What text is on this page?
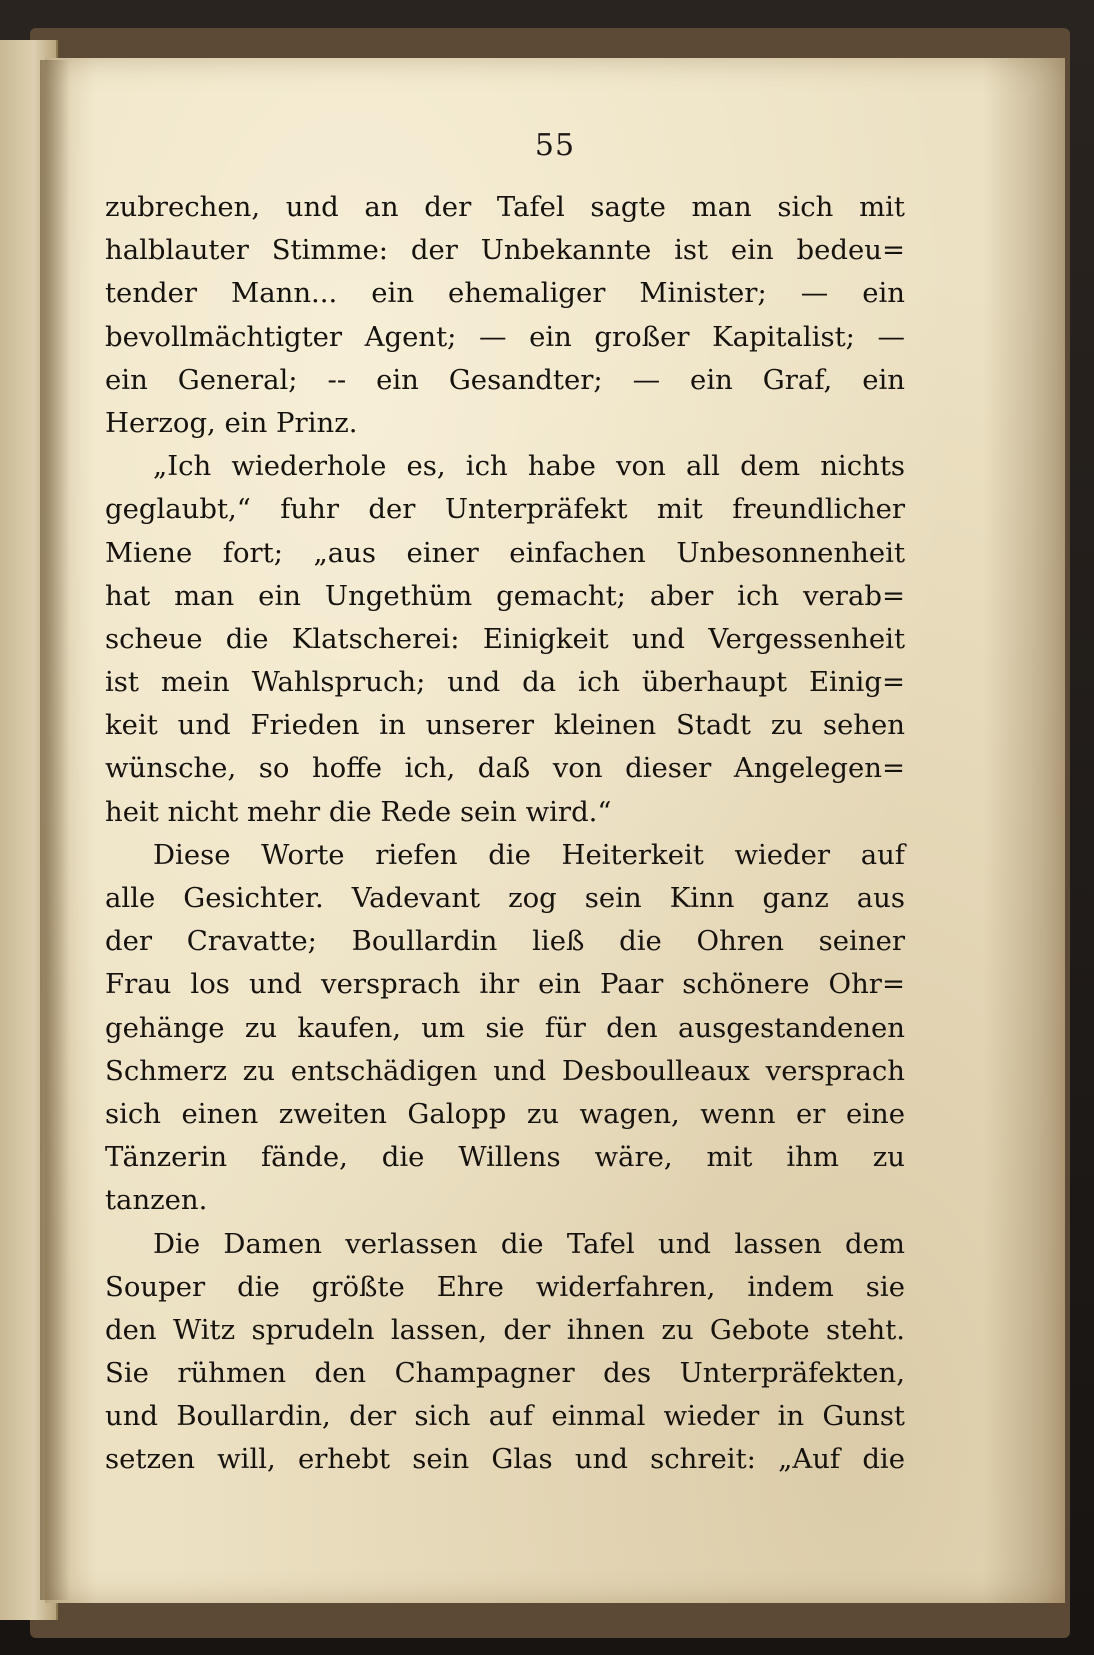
55
zubrechen, und an der Tafel sagte man sich mit
halblauter Stimme: der Unbekannte ist ein bedeu=
tender Mann... ein ehemaliger Minister; — ein
bevollmächtigter Agent; — ein großer Kapitalist; —
ein General; -- ein Gesandter; — ein Graf, ein
Herzog, ein Prinz.
„Ich wiederhole es, ich habe von all dem nichts
geglaubt,“ fuhr der Unterpräfekt mit freundlicher
Miene fort; „aus einer einfachen Unbesonnenheit
hat man ein Ungethüm gemacht; aber ich verab=
scheue die Klatscherei: Einigkeit und Vergessenheit
ist mein Wahlspruch; und da ich überhaupt Einig=
keit und Frieden in unserer kleinen Stadt zu sehen
wünsche, so hoffe ich, daß von dieser Angelegen=
heit nicht mehr die Rede sein wird.“
Diese Worte riefen die Heiterkeit wieder auf
alle Gesichter. Vadevant zog sein Kinn ganz aus
der Cravatte; Boullardin ließ die Ohren seiner
Frau los und versprach ihr ein Paar schönere Ohr=
gehänge zu kaufen, um sie für den ausgestandenen
Schmerz zu entschädigen und Desboulleaux versprach
sich einen zweiten Galopp zu wagen, wenn er eine
Tänzerin fände, die Willens wäre, mit ihm zu
tanzen.
Die Damen verlassen die Tafel und lassen dem
Souper die größte Ehre widerfahren, indem sie
den Witz sprudeln lassen, der ihnen zu Gebote steht.
Sie rühmen den Champagner des Unterpräfekten,
und Boullardin, der sich auf einmal wieder in Gunst
setzen will, erhebt sein Glas und schreit: „Auf die
